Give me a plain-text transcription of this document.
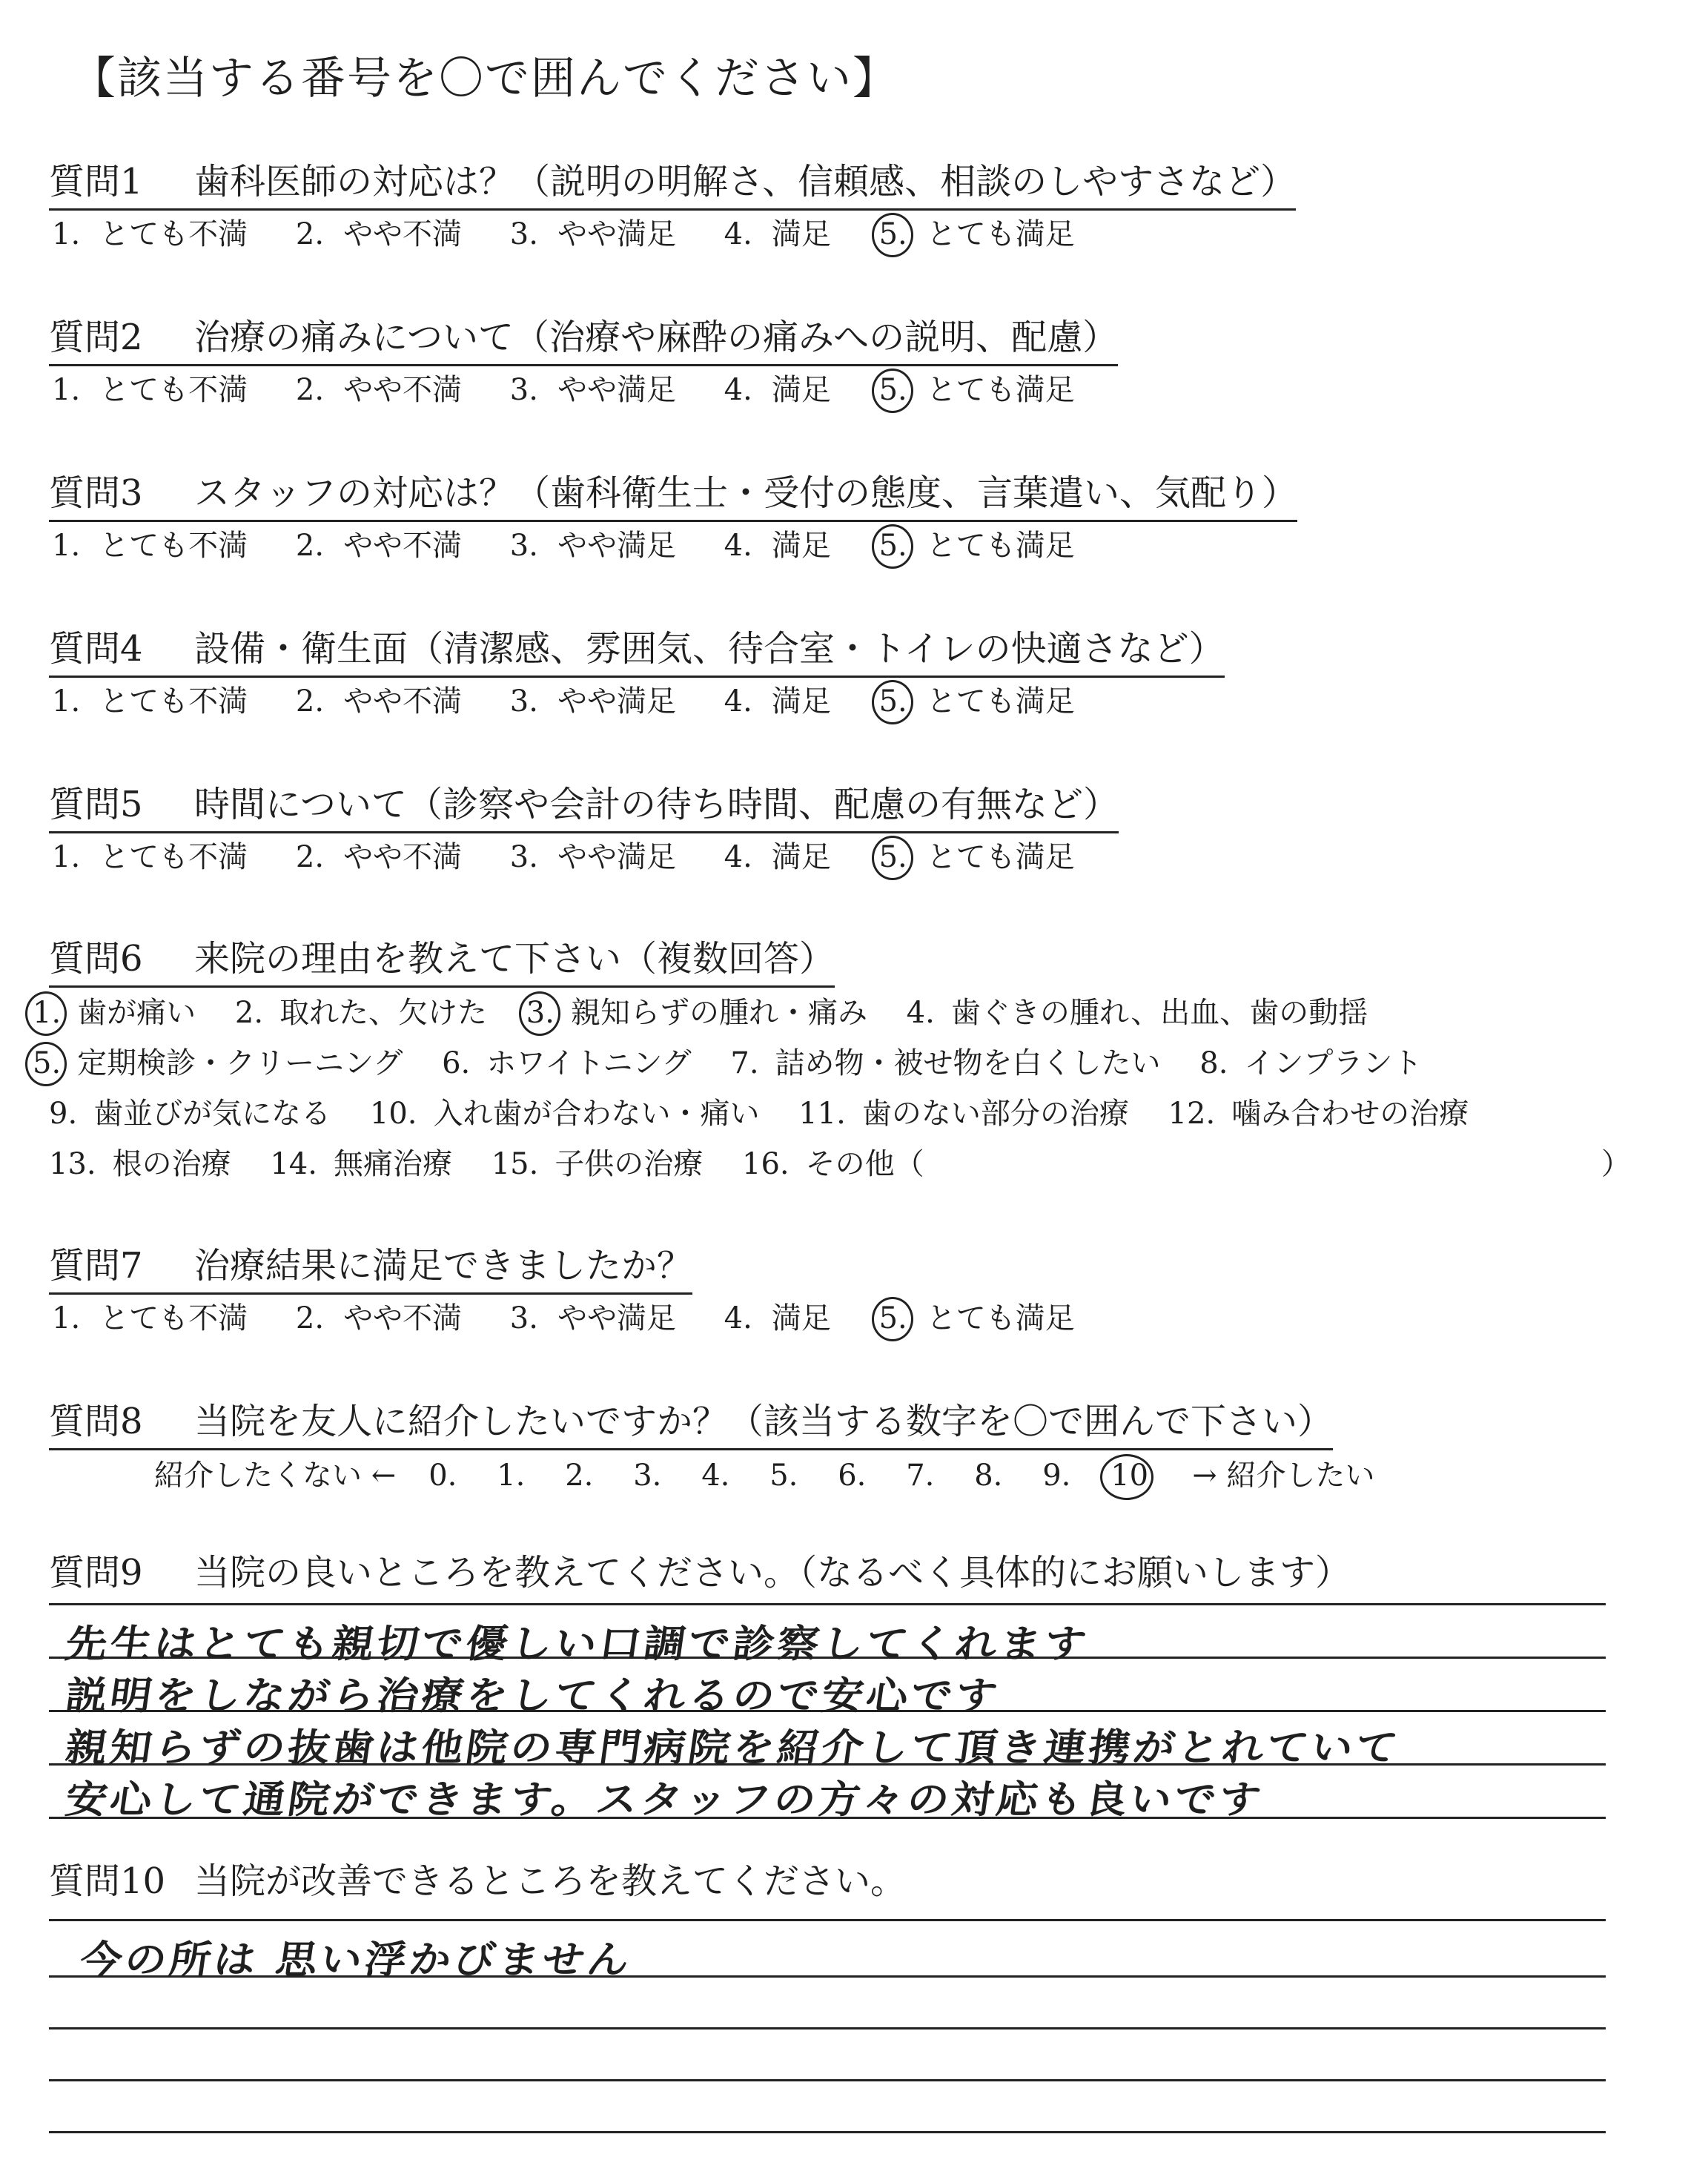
【該当する番号を〇で囲んでください】
質問1 歯科医師の対応は？（説明の明解さ、信頼感、相談のしやすさなど）
1. とても不満 2. やや不満 3. やや満足 4. 満足 5. とても満足
質問2 治療の痛みについて（治療や麻酔の痛みへの説明、配慮）
1. とても不満 2. やや不満 3. やや満足 4. 満足 5. とても満足
質問3 スタッフの対応は？（歯科衛生士・受付の態度、言葉遣い、気配り）
1. とても不満 2. やや不満 3. やや満足 4. 満足 5. とても満足
質問4 設備・衛生面（清潔感、雰囲気、待合室・トイレの快適さなど）
1. とても不満 2. やや不満 3. やや満足 4. 満足 5. とても満足
質問5 時間について（診察や会計の待ち時間、配慮の有無など）
1. とても不満 2. やや不満 3. やや満足 4. 満足 5. とても満足
質問6 来院の理由を教えて下さい（複数回答）
1. 歯が痛い 2. 取れた、欠けた 3. 親知らずの腫れ・痛み 4. 歯ぐきの腫れ、出血、歯の動揺
5. 定期検診・クリーニング 6. ホワイトニング 7. 詰め物・被せ物を白くしたい 8. インプラント
9. 歯並びが気になる 10. 入れ歯が合わない・痛い 11. 歯のない部分の治療 12. 噛み合わせの治療
13. 根の治療 14. 無痛治療 15. 子供の治療 16. その他（	）
質問7 治療結果に満足できましたか？
1. とても不満 2. やや不満 3. やや満足 4. 満足 5. とても満足
質問8 当院を友人に紹介したいですか？（該当する数字を〇で囲んで下さい）
紹介したくない ← 0. 1. 2. 3. 4. 5. 6. 7. 8. 9. 10 → 紹介したい
質問9 当院の良いところを教えてください。（なるべく具体的にお願いします）
先生はとても親切で優しい口調で診察してくれます
説明をしながら治療をしてくれるので安心です
親知らずの抜歯は他院の専門病院を紹介して頂き連携がとれていて
安心して通院ができます。スタッフの方々の対応も良いです
質問10 当院が改善できるところを教えてください。
今の所は 思い浮かびません
